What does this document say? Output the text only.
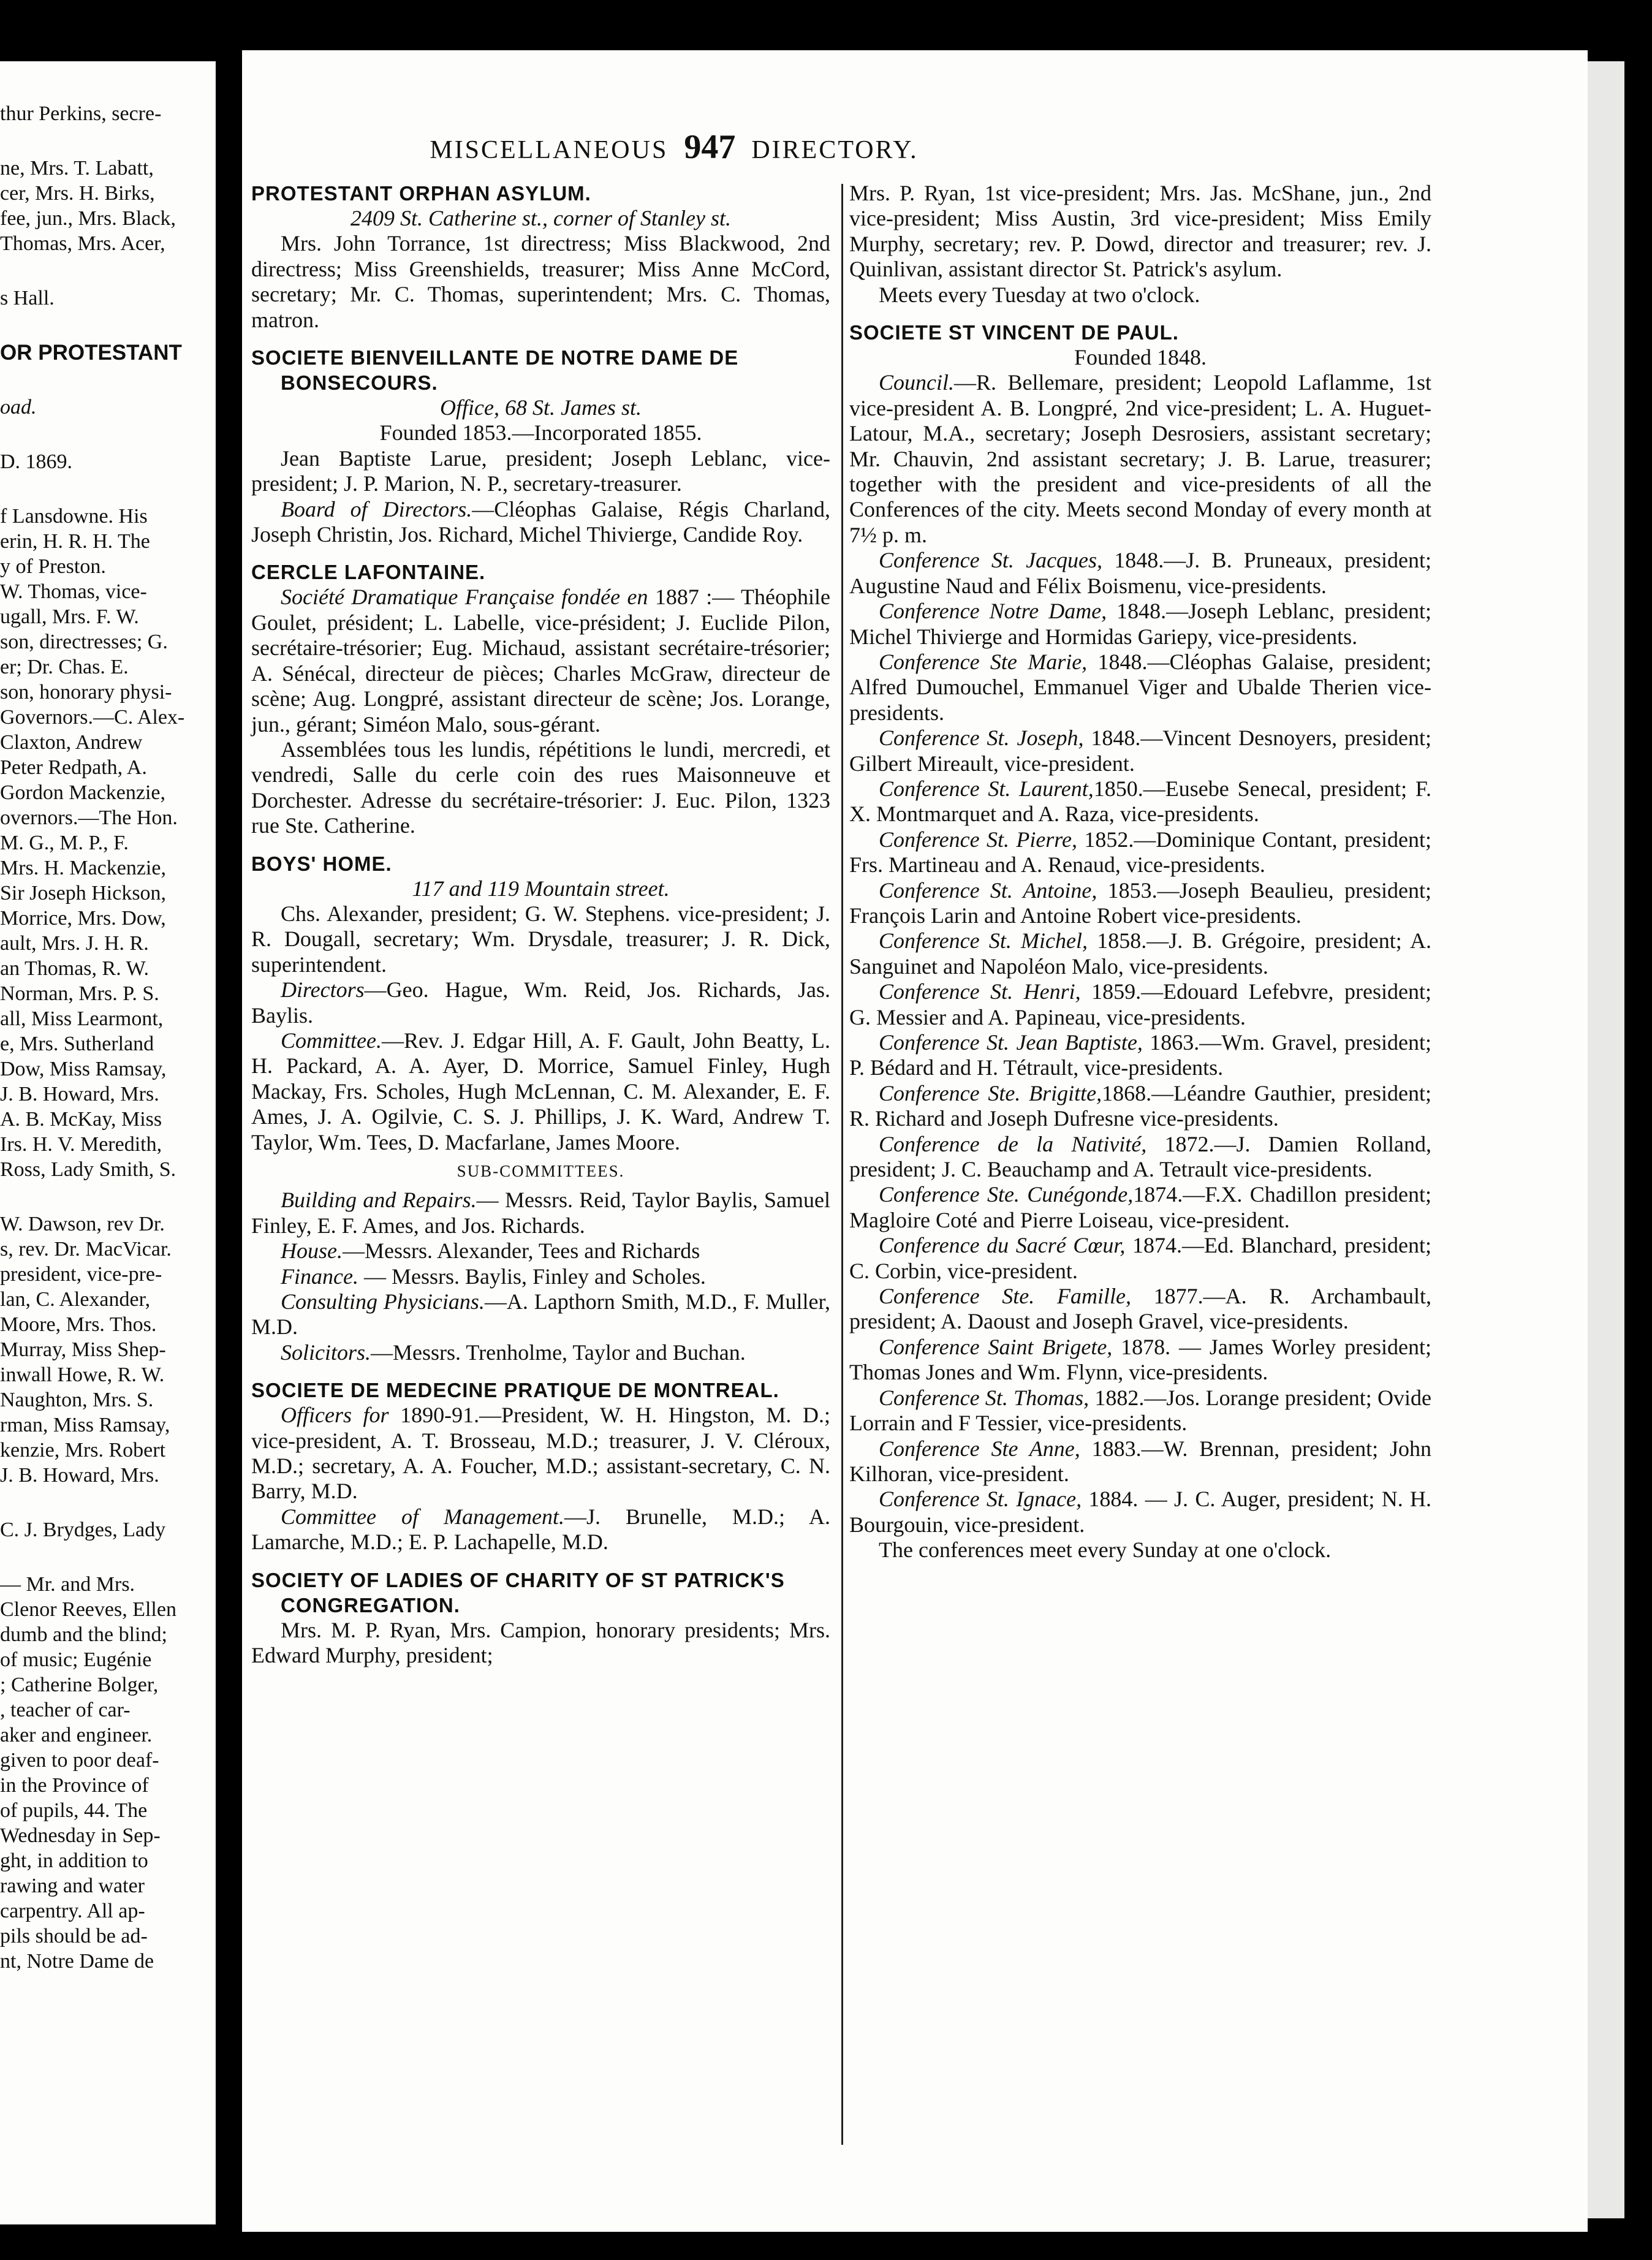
thur Perkins, secre-

ne, Mrs. T. Labatt,

cer, Mrs. H. Birks,

fee, jun., Mrs. Black,

Thomas, Mrs. Acer,

s Hall.

OR PROTESTANT

oad.

D. 1869.

f Lansdowne. His

erin, H. R. H. The

y of Preston.

W. Thomas, vice-

ugall, Mrs. F. W.

son, directresses; G.

er; Dr. Chas. E.

son, honorary physi-

Governors.—C. Alex-

Claxton, Andrew

Peter Redpath, A.

Gordon Mackenzie,

overnors.—The Hon.

M. G., M. P., F.

Mrs. H. Mackenzie,

Sir Joseph Hickson,

Morrice, Mrs. Dow,

ault, Mrs. J. H. R.

an Thomas, R. W.

Norman, Mrs. P. S.

all, Miss Learmont,

e, Mrs. Sutherland

Dow, Miss Ramsay,

J. B. Howard, Mrs.

A. B. McKay, Miss

Irs. H. V. Meredith,

Ross, Lady Smith, S.

W. Dawson, rev Dr.

s, rev. Dr. MacVicar.

president, vice-pre-

lan, C. Alexander,

Moore, Mrs. Thos.

Murray, Miss Shep-

inwall Howe, R. W.

Naughton, Mrs. S.

rman, Miss Ramsay,

kenzie, Mrs. Robert

J. B. Howard, Mrs.

C. J. Brydges, Lady

— Mr. and Mrs.

Clenor Reeves, Ellen

dumb and the blind;

of music; Eugénie

; Catherine Bolger,

, teacher of car-

aker and engineer.

given to poor deaf-

in the Province of

of pupils, 44. The

Wednesday in Sep-

ght, in addition to

rawing and water

carpentry. All ap-

pils should be ad-

nt, Notre Dame de

MISCELLANEOUS 947 DIRECTORY.

PROTESTANT ORPHAN ASYLUM.

2409 St. Catherine st., corner of Stanley st.

Mrs. John Torrance, 1st directress; Miss Blackwood, 2nd directress; Miss Greenshields, treasurer; Miss Anne McCord, secretary; Mr. C. Thomas, superintendent; Mrs. C. Thomas, matron.

SOCIETE BIENVEILLANTE DE NOTRE DAME DE BONSECOURS.

Office, 68 St. James st.

Founded 1853.—Incorporated 1855.

Jean Baptiste Larue, president; Joseph Leblanc, vice-president; J. P. Marion, N. P., secretary-treasurer.

Board of Directors.—Cléophas Galaise, Régis Charland, Joseph Christin, Jos. Richard, Michel Thivierge, Candide Roy.

CERCLE LAFONTAINE.

Société Dramatique Française fondée en 1887 :— Théophile Goulet, président; L. Labelle, vice-président; J. Euclide Pilon, secrétaire-trésorier; Eug. Michaud, assistant secrétaire-trésorier; A. Sénécal, directeur de pièces; Charles McGraw, directeur de scène; Aug. Longpré, assistant directeur de scène; Jos. Lorange, jun., gérant; Siméon Malo, sous-gérant.

Assemblées tous les lundis, répétitions le lundi, mercredi, et vendredi, Salle du cerle coin des rues Maisonneuve et Dorchester. Adresse du secrétaire-trésorier: J. Euc. Pilon, 1323 rue Ste. Catherine.

BOYS' HOME.

117 and 119 Mountain street.

Chs. Alexander, president; G. W. Stephens. vice-president; J. R. Dougall, secretary; Wm. Drysdale, treasurer; J. R. Dick, superintendent.

Directors—Geo. Hague, Wm. Reid, Jos. Richards, Jas. Baylis.

Committee.—Rev. J. Edgar Hill, A. F. Gault, John Beatty, L. H. Packard, A. A. Ayer, D. Morrice, Samuel Finley, Hugh Mackay, Frs. Scholes, Hugh McLennan, C. M. Alexander, E. F. Ames, J. A. Ogilvie, C. S. J. Phillips, J. K. Ward, Andrew T. Taylor, Wm. Tees, D. Macfarlane, James Moore.

SUB-COMMITTEES.

Building and Repairs.— Messrs. Reid, Taylor Baylis, Samuel Finley, E. F. Ames, and Jos. Richards.

House.—Messrs. Alexander, Tees and Richards

Finance. — Messrs. Baylis, Finley and Scholes.

Consulting Physicians.—A. Lapthorn Smith, M.D., F. Muller, M.D.

Solicitors.—Messrs. Trenholme, Taylor and Buchan.

SOCIETE DE MEDECINE PRATIQUE DE MONTREAL.

Officers for 1890-91.—President, W. H. Hingston, M. D.; vice-president, A. T. Brosseau, M.D.; treasurer, J. V. Cléroux, M.D.; secretary, A. A. Foucher, M.D.; assistant-secretary, C. N. Barry, M.D.

Committee of Management.—J. Brunelle, M.D.; A. Lamarche, M.D.; E. P. Lachapelle, M.D.

SOCIETY OF LADIES OF CHARITY OF ST PATRICK'S CONGREGATION.

Mrs. M. P. Ryan, Mrs. Campion, honorary presidents; Mrs. Edward Murphy, president;

Mrs. P. Ryan, 1st vice-president; Mrs. Jas. McShane, jun., 2nd vice-president; Miss Austin, 3rd vice-president; Miss Emily Murphy, secretary; rev. P. Dowd, director and treasurer; rev. J. Quinlivan, assistant director St. Patrick's asylum.

Meets every Tuesday at two o'clock.

SOCIETE ST VINCENT DE PAUL.

Founded 1848.

Council.—R. Bellemare, president; Leopold Laflamme, 1st vice-president A. B. Longpré, 2nd vice-president; L. A. Huguet-Latour, M.A., secretary; Joseph Desrosiers, assistant secretary; Mr. Chauvin, 2nd assistant secretary; J. B. Larue, treasurer; together with the president and vice-presidents of all the Conferences of the city. Meets second Monday of every month at 7½ p. m.

Conference St. Jacques, 1848.—J. B. Pruneaux, president; Augustine Naud and Félix Boismenu, vice-presidents.

Conference Notre Dame, 1848.—Joseph Leblanc, president; Michel Thivierge and Hormidas Gariepy, vice-presidents.

Conference Ste Marie, 1848.—Cléophas Galaise, president; Alfred Dumouchel, Emmanuel Viger and Ubalde Therien vice-presidents.

Conference St. Joseph, 1848.—Vincent Desnoyers, president; Gilbert Mireault, vice-president.

Conference St. Laurent,1850.—Eusebe Senecal, president; F. X. Montmarquet and A. Raza, vice-presidents.

Conference St. Pierre, 1852.—Dominique Contant, president; Frs. Martineau and A. Renaud, vice-presidents.

Conference St. Antoine, 1853.—Joseph Beaulieu, president; François Larin and Antoine Robert vice-presidents.

Conference St. Michel, 1858.—J. B. Grégoire, president; A. Sanguinet and Napoléon Malo, vice-presidents.

Conference St. Henri, 1859.—Edouard Lefebvre, president; G. Messier and A. Papineau, vice-presidents.

Conference St. Jean Baptiste, 1863.—Wm. Gravel, president; P. Bédard and H. Tétrault, vice-presidents.

Conference Ste. Brigitte,1868.—Léandre Gauthier, president; R. Richard and Joseph Dufresne vice-presidents.

Conference de la Nativité, 1872.—J. Damien Rolland, president; J. C. Beauchamp and A. Tetrault vice-presidents.

Conference Ste. Cunégonde,1874.—F.X. Chadillon president; Magloire Coté and Pierre Loiseau, vice-president.

Conference du Sacré Cœur, 1874.—Ed. Blanchard, president; C. Corbin, vice-president.

Conference Ste. Famille, 1877.—A. R. Archambault, president; A. Daoust and Joseph Gravel, vice-presidents.

Conference Saint Brigete, 1878. — James Worley president; Thomas Jones and Wm. Flynn, vice-presidents.

Conference St. Thomas, 1882.—Jos. Lorange president; Ovide Lorrain and F Tessier, vice-presidents.

Conference Ste Anne, 1883.—W. Brennan, president; John Kilhoran, vice-president.

Conference St. Ignace, 1884. — J. C. Auger, president; N. H. Bourgouin, vice-president.

The conferences meet every Sunday at one o'clock.
